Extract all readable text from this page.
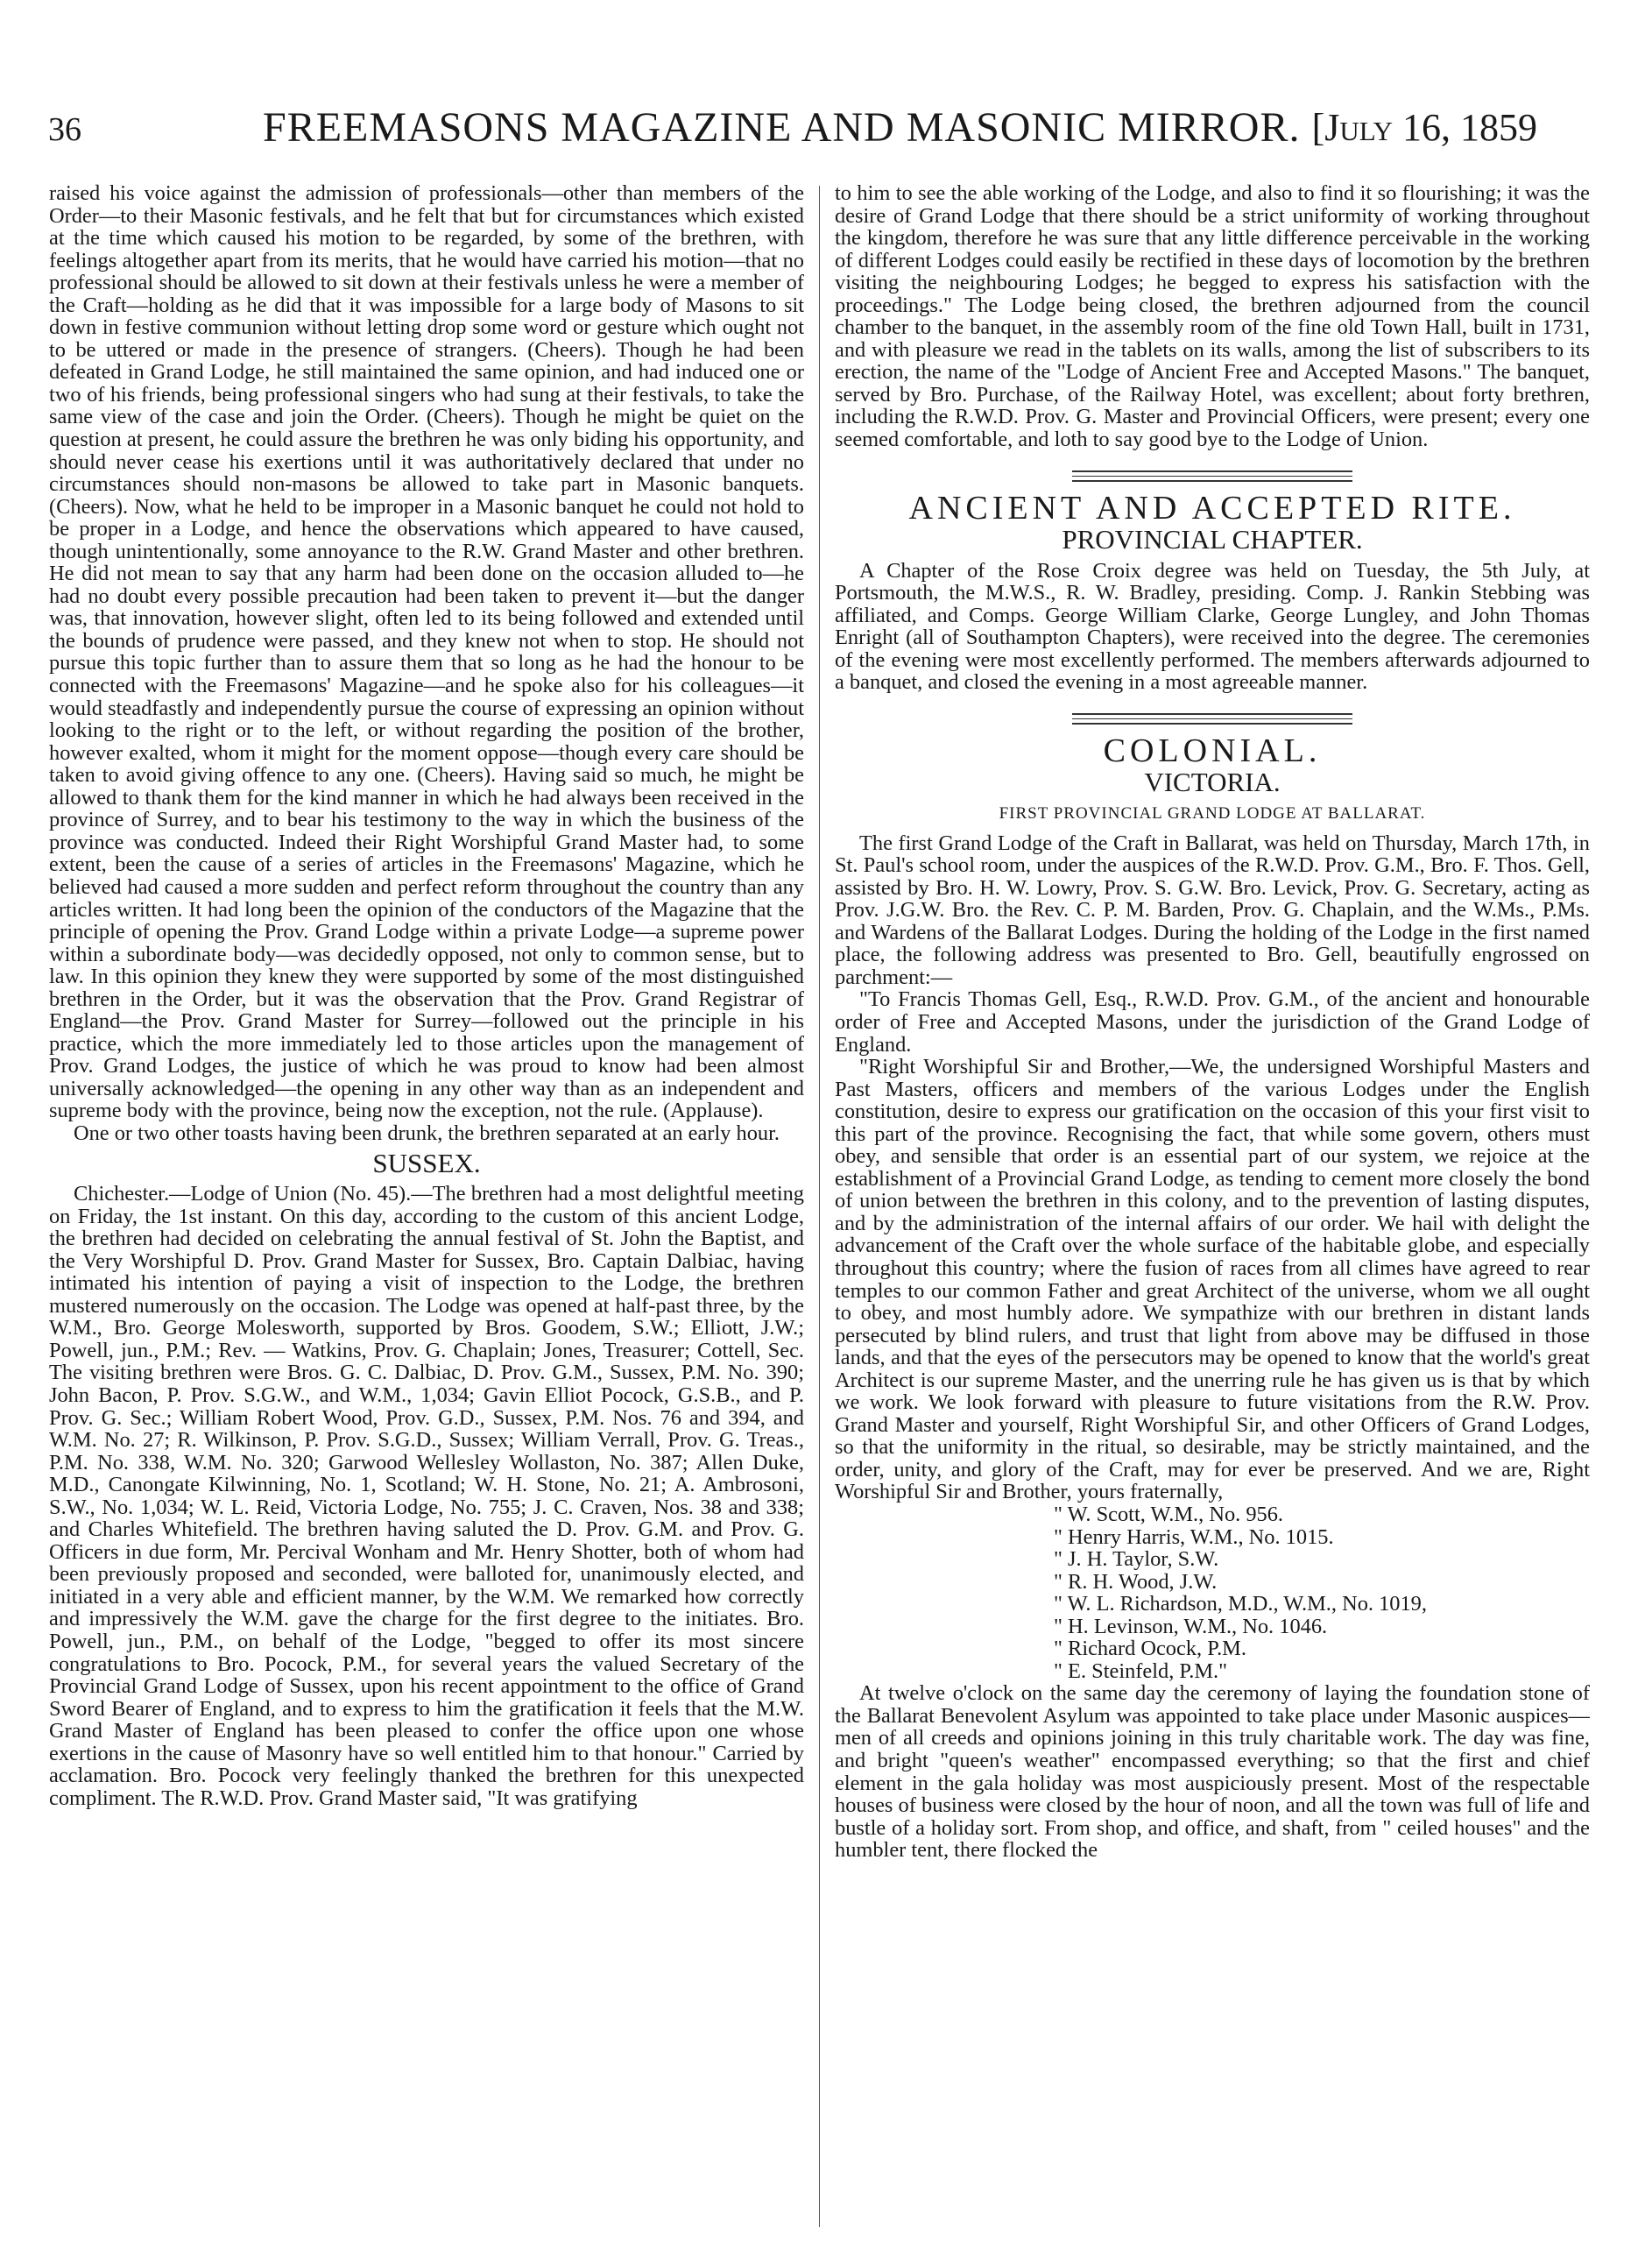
36	FREEMASONS MAGAZINE AND MASONIC MIRROR. [July 16, 1859

raised his voice against the admission of professionals—other than members of the Order—to their Masonic festivals, and he felt that but for circumstances which existed at the time which caused his motion to be regarded, by some of the brethren, with feelings altogether apart from its merits, that he would have carried his motion—that no professional should be allowed to sit down at their festivals unless he were a member of the Craft—holding as he did that it was impossible for a large body of Masons to sit down in festive communion without letting drop some word or gesture which ought not to be uttered or made in the presence of strangers. (Cheers). Though he had been defeated in Grand Lodge, he still maintained the same opinion, and had induced one or two of his friends, being professional singers who had sung at their festivals, to take the same view of the case and join the Order. (Cheers). Though he might be quiet on the question at present, he could assure the brethren he was only biding his opportunity, and should never cease his exertions until it was authoritatively declared that under no circumstances should non-masons be allowed to take part in Masonic banquets. (Cheers). Now, what he held to be improper in a Masonic banquet he could not hold to be proper in a Lodge, and hence the observations which appeared to have caused, though unintentionally, some annoyance to the R.W. Grand Master and other brethren. He did not mean to say that any harm had been done on the occasion alluded to—he had no doubt every possible precaution had been taken to prevent it—but the danger was, that innovation, however slight, often led to its being followed and extended until the bounds of prudence were passed, and they knew not when to stop. He should not pursue this topic further than to assure them that so long as he had the honour to be connected with the Freemasons' Magazine—and he spoke also for his colleagues—it would steadfastly and independently pursue the course of expressing an opinion without looking to the right or to the left, or without regarding the position of the brother, however exalted, whom it might for the moment oppose—though every care should be taken to avoid giving offence to any one. (Cheers). Having said so much, he might be allowed to thank them for the kind manner in which he had always been received in the province of Surrey, and to bear his testimony to the way in which the business of the province was conducted. Indeed their Right Worshipful Grand Master had, to some extent, been the cause of a series of articles in the Freemasons' Magazine, which he believed had caused a more sudden and perfect reform throughout the country than any articles written. It had long been the opinion of the conductors of the Magazine that the principle of opening the Prov. Grand Lodge within a private Lodge—a supreme power within a subordinate body—was decidedly opposed, not only to common sense, but to law. In this opinion they knew they were supported by some of the most distinguished brethren in the Order, but it was the observation that the Prov. Grand Registrar of England—the Prov. Grand Master for Surrey—followed out the principle in his practice, which the more immediately led to those articles upon the management of Prov. Grand Lodges, the justice of which he was proud to know had been almost universally acknowledged—the opening in any other way than as an independent and supreme body with the province, being now the exception, not the rule. (Applause).

One or two other toasts having been drunk, the brethren separated at an early hour.

SUSSEX.

Chichester.—Lodge of Union (No. 45).—The brethren had a most delightful meeting on Friday, the 1st instant. On this day, according to the custom of this ancient Lodge, the brethren had decided on celebrating the annual festival of St. John the Baptist, and the Very Worshipful D. Prov. Grand Master for Sussex, Bro. Captain Dalbiac, having intimated his intention of paying a visit of inspection to the Lodge, the brethren mustered numerously on the occasion. The Lodge was opened at half-past three, by the W.M., Bro. George Molesworth, supported by Bros. Goodem, S.W.; Elliott, J.W.; Powell, jun., P.M.; Rev. — Watkins, Prov. G. Chaplain; Jones, Treasurer; Cottell, Sec. The visiting brethren were Bros. G. C. Dalbiac, D. Prov. G.M., Sussex, P.M. No. 390; John Bacon, P. Prov. S.G.W., and W.M., 1,034; Gavin Elliot Pocock, G.S.B., and P. Prov. G. Sec.; William Robert Wood, Prov. G.D., Sussex, P.M. Nos. 76 and 394, and W.M. No. 27; R. Wilkinson, P. Prov. S.G.D., Sussex; William Verrall, Prov. G. Treas., P.M. No. 338, W.M. No. 320; Garwood Wellesley Wollaston, No. 387; Allen Duke, M.D., Canongate Kilwinning, No. 1, Scotland; W. H. Stone, No. 21; A. Ambrosoni, S.W., No. 1,034; W. L. Reid, Victoria Lodge, No. 755; J. C. Craven, Nos. 38 and 338; and Charles Whitefield. The brethren having saluted the D. Prov. G.M. and Prov. G. Officers in due form, Mr. Percival Wonham and Mr. Henry Shotter, both of whom had been previously proposed and seconded, were balloted for, unanimously elected, and initiated in a very able and efficient manner, by the W.M. We remarked how correctly and impressively the W.M. gave the charge for the first degree to the initiates. Bro. Powell, jun., P.M., on behalf of the Lodge, "begged to offer its most sincere congratulations to Bro. Pocock, P.M., for several years the valued Secretary of the Provincial Grand Lodge of Sussex, upon his recent appointment to the office of Grand Sword Bearer of England, and to express to him the gratification it feels that the M.W. Grand Master of England has been pleased to confer the office upon one whose exertions in the cause of Masonry have so well entitled him to that honour." Carried by acclamation. Bro. Pocock very feelingly thanked the brethren for this unexpected compliment. The R.W.D. Prov. Grand Master said, "It was gratifying

to him to see the able working of the Lodge, and also to find it so flourishing; it was the desire of Grand Lodge that there should be a strict uniformity of working throughout the kingdom, therefore he was sure that any little difference perceivable in the working of different Lodges could easily be rectified in these days of locomotion by the brethren visiting the neighbouring Lodges; he begged to express his satisfaction with the proceedings." The Lodge being closed, the brethren adjourned from the council chamber to the banquet, in the assembly room of the fine old Town Hall, built in 1731, and with pleasure we read in the tablets on its walls, among the list of subscribers to its erection, the name of the "Lodge of Ancient Free and Accepted Masons." The banquet, served by Bro. Purchase, of the Railway Hotel, was excellent; about forty brethren, including the R.W.D. Prov. G. Master and Provincial Officers, were present; every one seemed comfortable, and loth to say good bye to the Lodge of Union.

ANCIENT AND ACCEPTED RITE.
PROVINCIAL CHAPTER.

A Chapter of the Rose Croix degree was held on Tuesday, the 5th July, at Portsmouth, the M.W.S., R. W. Bradley, presiding. Comp. J. Rankin Stebbing was affiliated, and Comps. George William Clarke, George Lungley, and John Thomas Enright (all of Southampton Chapters), were received into the degree. The ceremonies of the evening were most excellently performed. The members afterwards adjourned to a banquet, and closed the evening in a most agreeable manner.

COLONIAL.
VICTORIA.
FIRST PROVINCIAL GRAND LODGE AT BALLARAT.

The first Grand Lodge of the Craft in Ballarat, was held on Thursday, March 17th, in St. Paul's school room, under the auspices of the R.W.D. Prov. G.M., Bro. F. Thos. Gell, assisted by Bro. H. W. Lowry, Prov. S. G.W. Bro. Levick, Prov. G. Secretary, acting as Prov. J.G.W. Bro. the Rev. C. P. M. Barden, Prov. G. Chaplain, and the W.Ms., P.Ms. and Wardens of the Ballarat Lodges. During the holding of the Lodge in the first named place, the following address was presented to Bro. Gell, beautifully engrossed on parchment:—

"To Francis Thomas Gell, Esq., R.W.D. Prov. G.M., of the ancient and honourable order of Free and Accepted Masons, under the jurisdiction of the Grand Lodge of England.

"Right Worshipful Sir and Brother,—We, the undersigned Worshipful Masters and Past Masters, officers and members of the various Lodges under the English constitution, desire to express our gratification on the occasion of this your first visit to this part of the province. Recognising the fact, that while some govern, others must obey, and sensible that order is an essential part of our system, we rejoice at the establishment of a Provincial Grand Lodge, as tending to cement more closely the bond of union between the brethren in this colony, and to the prevention of lasting disputes, and by the administration of the internal affairs of our order. We hail with delight the advancement of the Craft over the whole surface of the habitable globe, and especially throughout this country; where the fusion of races from all climes have agreed to rear temples to our common Father and great Architect of the universe, whom we all ought to obey, and most humbly adore. We sympathize with our brethren in distant lands persecuted by blind rulers, and trust that light from above may be diffused in those lands, and that the eyes of the persecutors may be opened to know that the world's great Architect is our supreme Master, and the unerring rule he has given us is that by which we work. We look forward with pleasure to future visitations from the R.W. Prov. Grand Master and yourself, Right Worshipful Sir, and other Officers of Grand Lodges, so that the uniformity in the ritual, so desirable, may be strictly maintained, and the order, unity, and glory of the Craft, may for ever be preserved. And we are, Right Worshipful Sir and Brother, yours fraternally,

" W. Scott, W.M., No. 956.

" Henry Harris, W.M., No. 1015.

" J. H. Taylor, S.W.

" R. H. Wood, J.W.

" W. L. Richardson, M.D., W.M., No. 1019,

" H. Levinson, W.M., No. 1046.

" Richard Ocock, P.M.

" E. Steinfeld, P.M."

At twelve o'clock on the same day the ceremony of laying the foundation stone of the Ballarat Benevolent Asylum was appointed to take place under Masonic auspices—men of all creeds and opinions joining in this truly charitable work. The day was fine, and bright "queen's weather" encompassed everything; so that the first and chief element in the gala holiday was most auspiciously present. Most of the respectable houses of business were closed by the hour of noon, and all the town was full of life and bustle of a holiday sort. From shop, and office, and shaft, from " ceiled houses" and the humbler tent, there flocked the
